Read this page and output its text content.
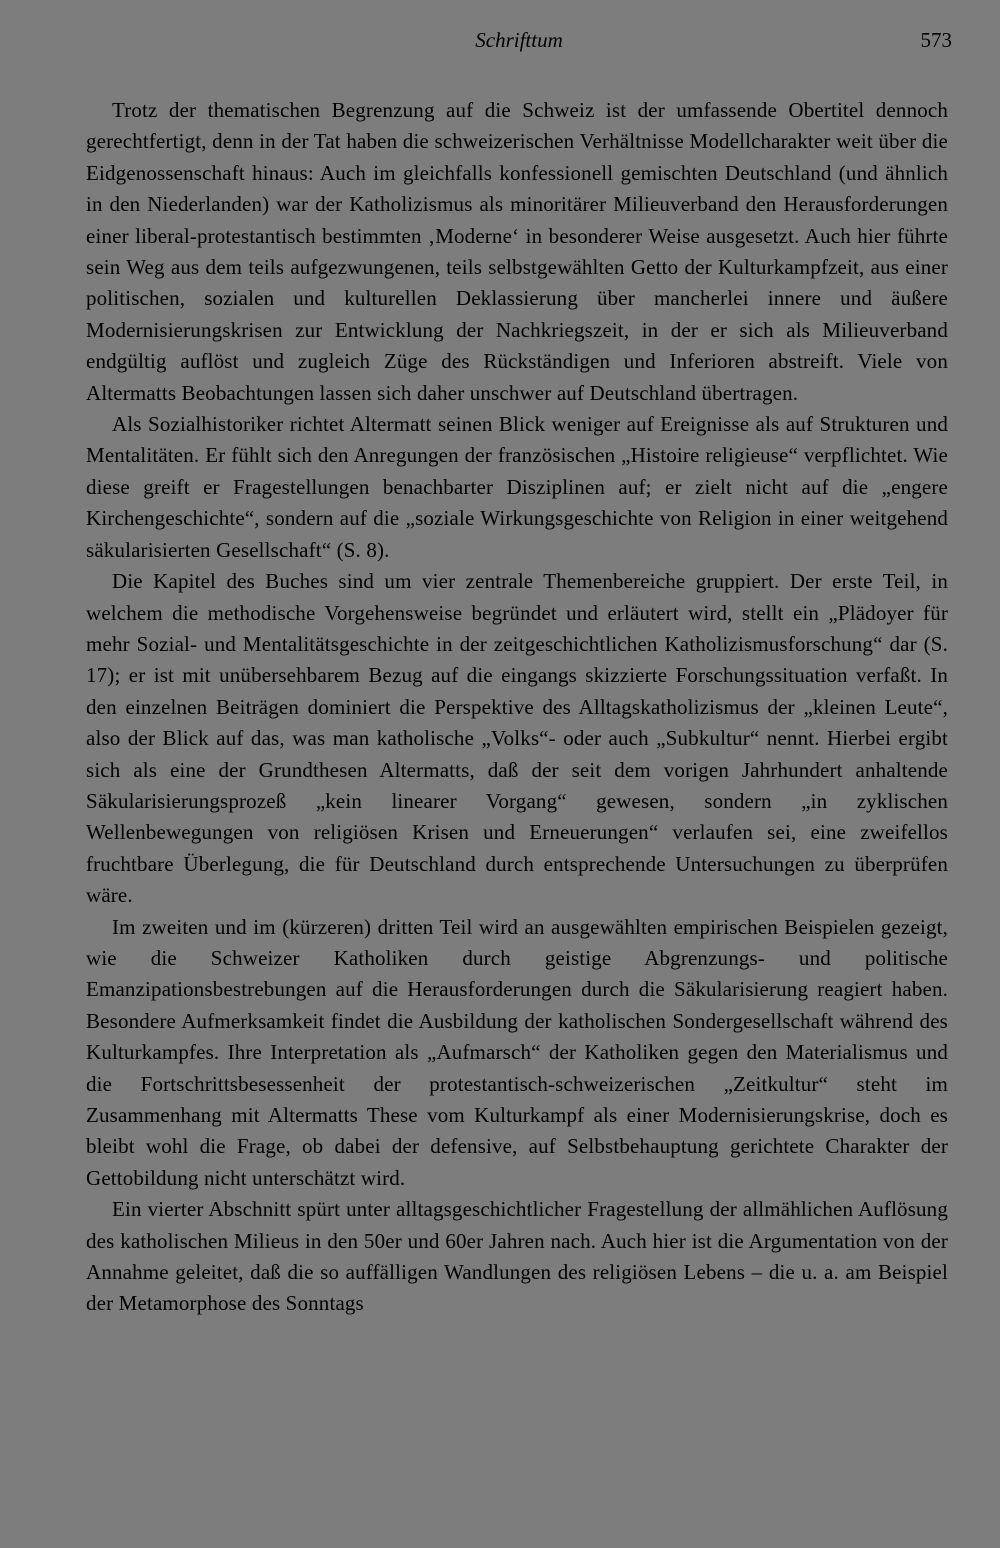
Schrifttum	573

Trotz der thematischen Begrenzung auf die Schweiz ist der umfassende Obertitel dennoch gerechtfertigt, denn in der Tat haben die schweizerischen Verhältnisse Modellcharakter weit über die Eidgenossenschaft hinaus: Auch im gleichfalls konfessionell gemischten Deutschland (und ähnlich in den Niederlanden) war der Katholizismus als minoritärer Milieuverband den Herausforderungen einer liberal-protestantisch bestimmten ‚Moderne‘ in besonderer Weise ausgesetzt. Auch hier führte sein Weg aus dem teils aufgezwungenen, teils selbstgewählten Getto der Kulturkampfzeit, aus einer politischen, sozialen und kulturellen Deklassierung über mancherlei innere und äußere Modernisierungskrisen zur Entwicklung der Nachkriegszeit, in der er sich als Milieuverband endgültig auflöst und zugleich Züge des Rückständigen und Inferioren abstreift. Viele von Altermatts Beobachtungen lassen sich daher unschwer auf Deutschland übertragen.

Als Sozialhistoriker richtet Altermatt seinen Blick weniger auf Ereignisse als auf Strukturen und Mentalitäten. Er fühlt sich den Anregungen der französischen „Histoire religieuse“ verpflichtet. Wie diese greift er Fragestellungen benachbarter Disziplinen auf; er zielt nicht auf die „engere Kirchengeschichte“, sondern auf die „soziale Wirkungsgeschichte von Religion in einer weitgehend säkularisierten Gesellschaft“ (S. 8).

Die Kapitel des Buches sind um vier zentrale Themenbereiche gruppiert. Der erste Teil, in welchem die methodische Vorgehensweise begründet und erläutert wird, stellt ein „Plädoyer für mehr Sozial- und Mentalitätsgeschichte in der zeitgeschichtlichen Katholizismusforschung“ dar (S. 17); er ist mit unübersehbarem Bezug auf die eingangs skizzierte Forschungssituation verfaßt. In den einzelnen Beiträgen dominiert die Perspektive des Alltagskatholizismus der „kleinen Leute“, also der Blick auf das, was man katholische „Volks“- oder auch „Subkultur“ nennt. Hierbei ergibt sich als eine der Grundthesen Altermatts, daß der seit dem vorigen Jahrhundert anhaltende Säkularisierungsprozeß „kein linearer Vorgang“ gewesen, sondern „in zyklischen Wellenbewegungen von religiösen Krisen und Erneuerungen“ verlaufen sei, eine zweifellos fruchtbare Überlegung, die für Deutschland durch entsprechende Untersuchungen zu überprüfen wäre.

Im zweiten und im (kürzeren) dritten Teil wird an ausgewählten empirischen Beispielen gezeigt, wie die Schweizer Katholiken durch geistige Abgrenzungs- und politische Emanzipationsbestrebungen auf die Herausforderungen durch die Säkularisierung reagiert haben. Besondere Aufmerksamkeit findet die Ausbildung der katholischen Sondergesellschaft während des Kulturkampfes. Ihre Interpretation als „Aufmarsch“ der Katholiken gegen den Materialismus und die Fortschrittsbesessenheit der protestantisch-schweizerischen „Zeitkultur“ steht im Zusammenhang mit Altermatts These vom Kulturkampf als einer Modernisierungskrise, doch es bleibt wohl die Frage, ob dabei der defensive, auf Selbstbehauptung gerichtete Charakter der Gettobildung nicht unterschätzt wird.

Ein vierter Abschnitt spürt unter alltagsgeschichtlicher Fragestellung der allmählichen Auflösung des katholischen Milieus in den 50er und 60er Jahren nach. Auch hier ist die Argumentation von der Annahme geleitet, daß die so auffälligen Wandlungen des religiösen Lebens – die u. a. am Beispiel der Metamorphose des Sonntags
